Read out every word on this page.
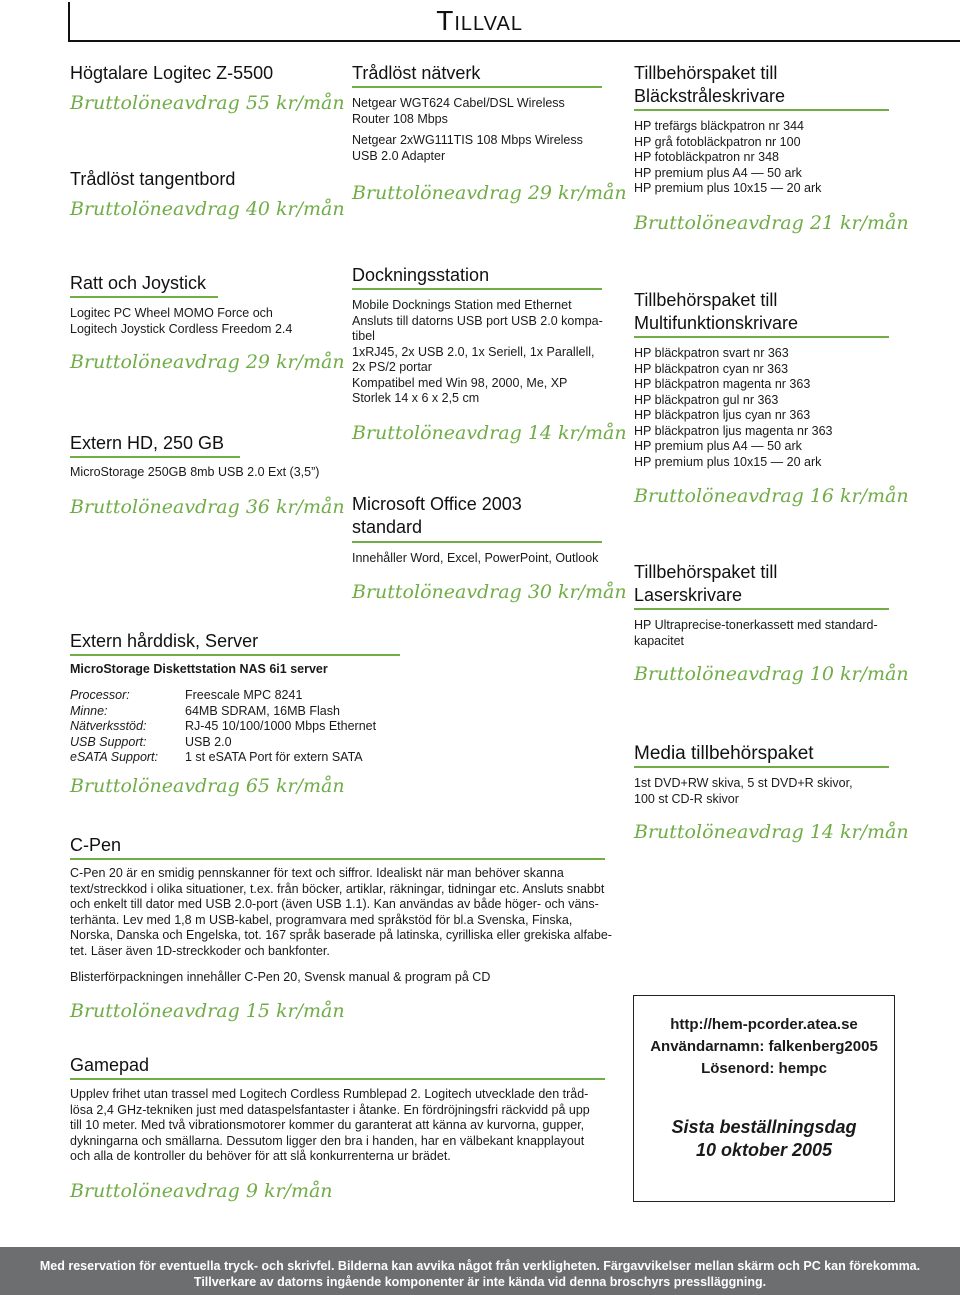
Tillval
Högtalare Logitec Z-5500
Bruttolöneavdrag 55 kr/mån
Trådlöst tangentbord
Bruttolöneavdrag 40 kr/mån
Ratt och Joystick
Logitec PC Wheel MOMO Force och
Logitech Joystick Cordless Freedom 2.4
Bruttolöneavdrag 29 kr/mån
Extern HD, 250 GB
MicroStorage 250GB 8mb USB 2.0 Ext (3,5”)
Bruttolöneavdrag 36 kr/mån
Extern hårddisk, Server
MicroStorage Diskettstation NAS 6i1 server
Processor:	Freescale MPC 8241
Minne:	64MB SDRAM, 16MB Flash
Nätverksstöd:	RJ-45 10/100/1000 Mbps Ethernet
USB Support:	USB 2.0
eSATA Support:	1 st eSATA Port för extern SATA
Bruttolöneavdrag 65 kr/mån
C-Pen
C-Pen 20 är en smidig pennskanner för text och siffror. Idealiskt när man behöver skanna
text/streckkod i olika situationer, t.ex. från böcker, artiklar, räkningar, tidningar etc. Ansluts snabbt
och enkelt till dator med USB 2.0-port (även USB 1.1). Kan användas av både höger- och väns-
terhänta. Lev med 1,8 m USB-kabel, programvara med språkstöd för bl.a Svenska, Finska,
Norska, Danska och Engelska, tot. 167 språk baserade på latinska, cyrilliska eller grekiska alfabe-
tet. Läser även 1D-streckkoder och bankfonter.
Blisterförpackningen innehåller C-Pen 20, Svensk manual & program på CD
Bruttolöneavdrag 15 kr/mån
Gamepad
Upplev frihet utan trassel med Logitech Cordless Rumblepad 2. Logitech utvecklade den tråd-
lösa 2,4 GHz-tekniken just med dataspelsfantaster i åtanke. En fördröjningsfri räckvidd på upp
till 10 meter. Med två vibrationsmotorer kommer du garanterat att känna av kurvorna, gupper,
dykningarna och smällarna. Dessutom ligger den bra i handen, har en välbekant knapplayout
och alla de kontroller du behöver för att slå konkurrenterna ur brädet.
Bruttolöneavdrag 9 kr/mån
Trådlöst nätverk
Netgear WGT624 Cabel/DSL Wireless
Router 108 Mbps
Netgear 2xWG111TIS 108 Mbps Wireless
USB 2.0 Adapter
Bruttolöneavdrag 29 kr/mån
Dockningsstation
Mobile Docknings Station med Ethernet
Ansluts till datorns USB port USB 2.0 kompa-
tibel
1xRJ45, 2x USB 2.0, 1x Seriell, 1x Parallell,
2x PS/2 portar
Kompatibel med Win 98, 2000, Me, XP
Storlek 14 x 6 x 2,5 cm
Bruttolöneavdrag 14 kr/mån
Microsoft Office 2003
standard
Innehåller Word, Excel, PowerPoint, Outlook
Bruttolöneavdrag 30 kr/mån
Tillbehörspaket till
Bläckstråleskrivare
HP trefärgs bläckpatron nr 344
HP grå fotobläckpatron nr 100
HP fotobläckpatron nr 348
HP premium plus A4 — 50 ark
HP premium plus 10x15 — 20 ark
Bruttolöneavdrag 21 kr/mån
Tillbehörspaket till
Multifunktionskrivare
HP bläckpatron svart nr 363
HP bläckpatron cyan nr 363
HP bläckpatron magenta nr 363
HP bläckpatron gul nr 363
HP bläckpatron ljus cyan nr 363
HP bläckpatron ljus magenta nr 363
HP premium plus A4 — 50 ark
HP premium plus 10x15 — 20 ark
Bruttolöneavdrag 16 kr/mån
Tillbehörspaket till
Laserskrivare
HP Ultraprecise-tonerkassett med standard-
kapacitet
Bruttolöneavdrag 10 kr/mån
Media tillbehörspaket
1st DVD+RW skiva, 5 st DVD+R skivor,
100 st CD-R skivor
Bruttolöneavdrag 14 kr/mån
http://hem-pcorder.atea.se
Användarnamn: falkenberg2005
Lösenord: hempc
Sista beställningsdag
10 oktober 2005
Med reservation för eventuella tryck- och skrivfel. Bilderna kan avvika något från verkligheten. Färgavvikelser mellan skärm och PC kan förekomma.
Tillverkare av datorns ingående komponenter är inte kända vid denna broschyrs presslläggning.
